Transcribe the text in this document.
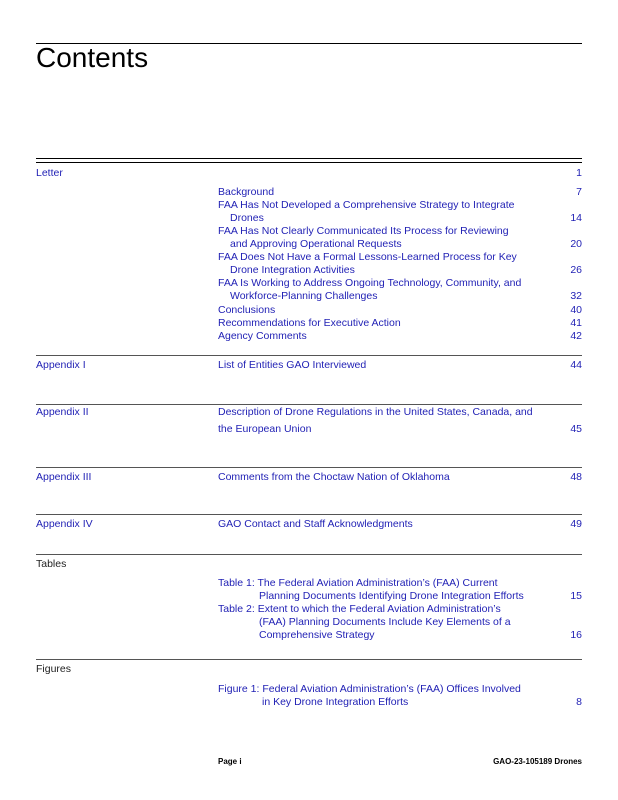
Contents
Letter	1
Background	7
FAA Has Not Developed a Comprehensive Strategy to Integrate
Drones	14
FAA Has Not Clearly Communicated Its Process for Reviewing
and Approving Operational Requests	20
FAA Does Not Have a Formal Lessons-Learned Process for Key
Drone Integration Activities	26
FAA Is Working to Address Ongoing Technology, Community, and
Workforce-Planning Challenges	32
Conclusions	40
Recommendations for Executive Action	41
Agency Comments	42
Appendix I	List of Entities GAO Interviewed	44
Appendix II	Description of Drone Regulations in the United States, Canada, and
the European Union	45
Appendix III	Comments from the Choctaw Nation of Oklahoma	48
Appendix IV	GAO Contact and Staff Acknowledgments	49
Tables
Table 1: The Federal Aviation Administration’s (FAA) Current
Planning Documents Identifying Drone Integration Efforts	15
Table 2: Extent to which the Federal Aviation Administration’s
(FAA) Planning Documents Include Key Elements of a
Comprehensive Strategy	16
Figures
Figure 1: Federal Aviation Administration’s (FAA) Offices Involved
in Key Drone Integration Efforts	8
Page i	GAO-23-105189 Drones
